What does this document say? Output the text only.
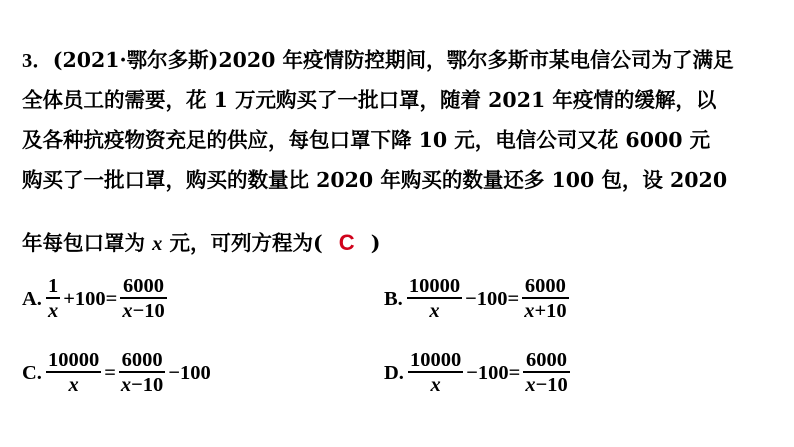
3．(2021·鄂尔多斯)2020 年疫情防控期间，鄂尔多斯市某电信公司为了满足
全体员工的需要，花 1 万元购买了一批口罩，随着 2021 年疫情的缓解，以
及各种抗疫物资充足的供应，每包口罩下降 10 元，电信公司又花 6000 元
购买了一批口罩，购买的数量比 2020 年购买的数量还多 100 包，设 2020
年每包口罩为 x 元，可列方程为( C )
A. $\frac{1}{x} +100= \frac{6000}{x-10}$	B. $\frac{10000}{x} -100= \frac{6000}{x+10}$
C. $\frac{10000}{x} = \frac{6000}{x-10} -100$	D. $\frac{10000}{x} -100= \frac{6000}{x-10}$
